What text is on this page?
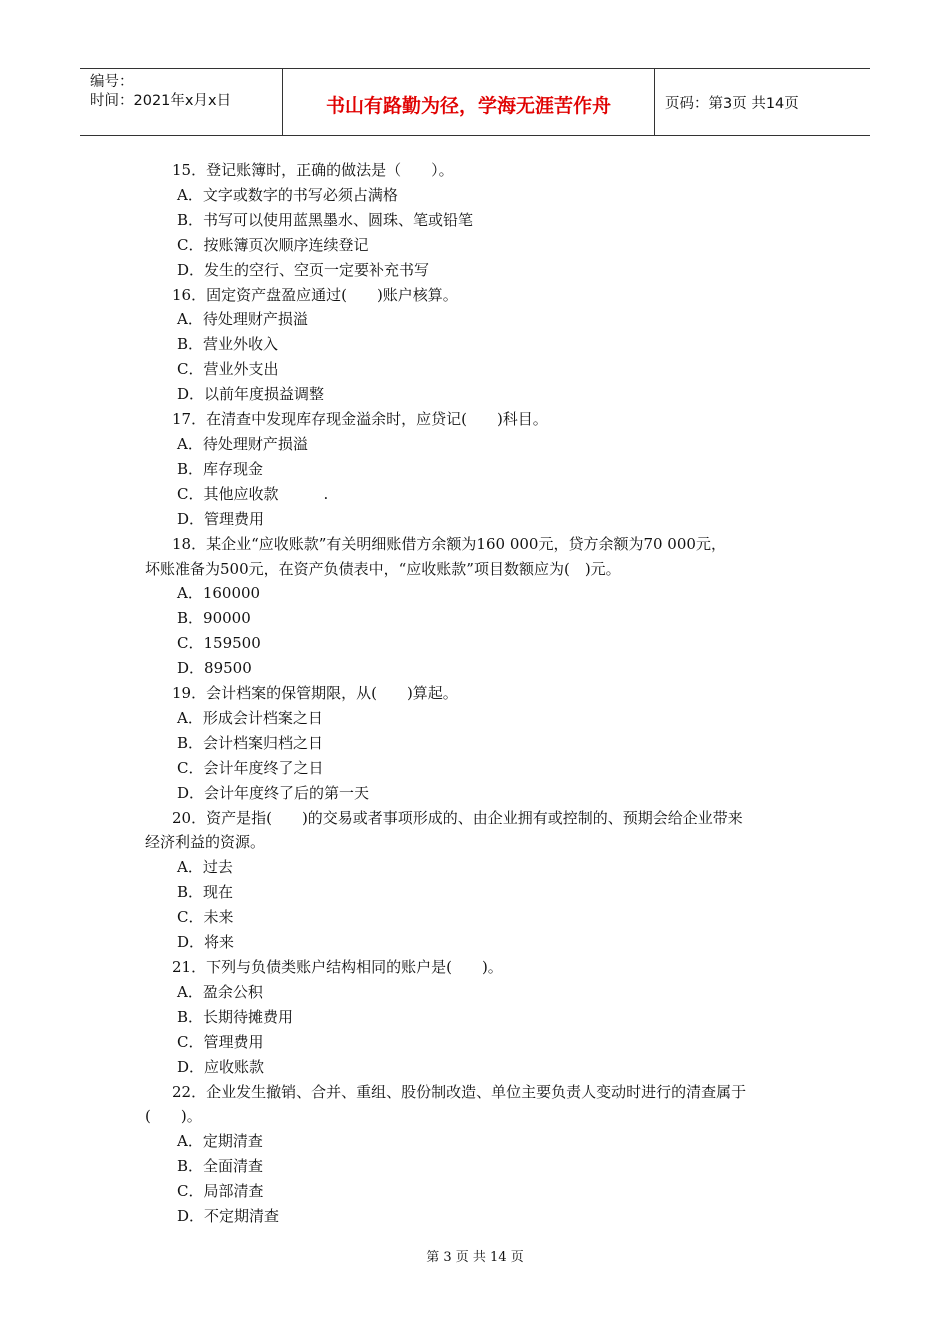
编号：
时间：2021年x月x日	书山有路勤为径，学海无涯苦作舟	页码：第3页 共14页
15．登记账簿时，正确的做法是（　　）。
A．文字或数字的书写必须占满格
B．书写可以使用蓝黑墨水、圆珠、笔或铅笔
C．按账簿页次顺序连续登记
D．发生的空行、空页一定要补充书写
16．固定资产盘盈应通过(　　)账户核算。
A．待处理财产损溢
B．营业外收入
C．营业外支出
D．以前年度损益调整
17．在清查中发现库存现金溢余时，应贷记(　　)科目。
A．待处理财产损溢
B．库存现金
C．其他应收款　　　.
D．管理费用
18．某企业“应收账款”有关明细账借方余额为160 000元，贷方余额为70 000元，
坏账准备为500元，在资产负债表中，“应收账款”项目数额应为(　)元。
A．160000
B．90000
C．159500
D．89500
19．会计档案的保管期限，从(　　)算起。
A．形成会计档案之日
B．会计档案归档之日
C．会计年度终了之日
D．会计年度终了后的第一天
20．资产是指(　　)的交易或者事项形成的、由企业拥有或控制的、预期会给企业带来
经济利益的资源。
A．过去
B．现在
C．未来
D．将来
21．下列与负债类账户结构相同的账户是(　　)。
A．盈余公积
B．长期待摊费用
C．管理费用
D．应收账款
22．企业发生撤销、合并、重组、股份制改造、单位主要负责人变动时进行的清查属于
(　　)。
A．定期清查
B．全面清查
C．局部清查
D．不定期清查
第 3 页 共 14 页
